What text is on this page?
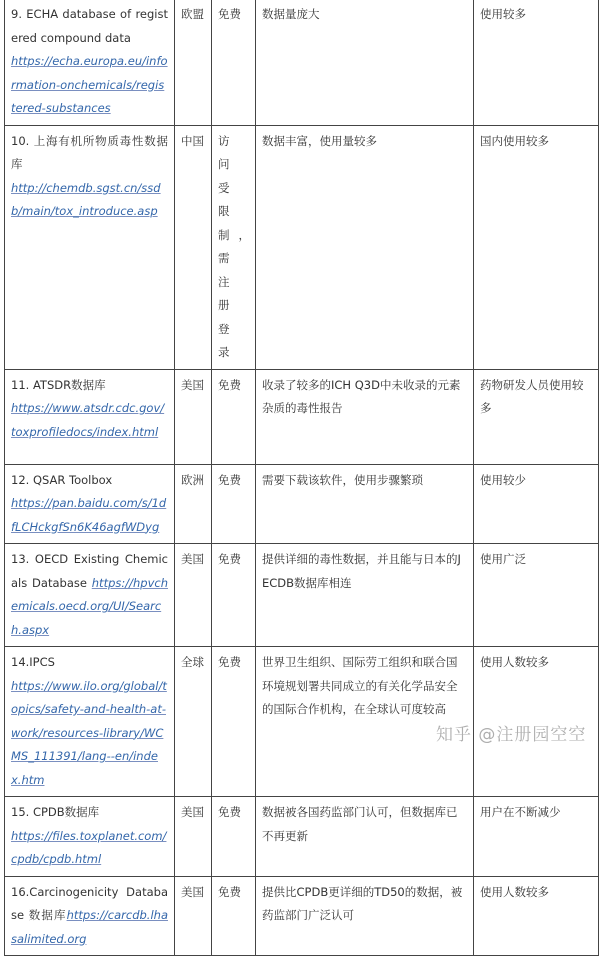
9. ECHA database of registered compound data
https://echa.europa.eu/information-onchemicals/registered-substances	欧盟	免费	数据量庞大	使用较多
10. 上海有机所物质毒性数据库
http://chemdb.sgst.cn/ssdb/main/tox_introduce.asp	中国	访问受限制，需注册登录	数据丰富，使用量较多	国内使用较多
11. ATSDR数据库
https://www.atsdr.cdc.gov/toxprofiledocs/index.html	美国	免费	收录了较多的ICH Q3D中未收录的元素杂质的毒性报告	药物研发人员使用较多
12. QSAR Toolbox
https://pan.baidu.com/s/1dfLCHckgfSn6K46agfWDyg	欧洲	免费	需要下载该软件，使用步骤繁琐	使用较少
13. OECD Existing Chemicals Database https://hpvchemicals.oecd.org/UI/Search.aspx	美国	免费	提供详细的毒性数据，并且能与日本的JECDB数据库相连	使用广泛
14.IPCS
https://www.ilo.org/global/topics/safety-and-health-at-work/resources-library/WCMS_111391/lang--en/index.htm	全球	免费	世界卫生组织、国际劳工组织和联合国环境规划署共同成立的有关化学品安全的国际合作机构，在全球认可度较高	使用人数较多
15. CPDB数据库
https://files.toxplanet.com/cpdb/cpdb.html	美国	免费	数据被各国药监部门认可，但数据库已不再更新	用户在不断减少
16.Carcinogenicity Database 数据库https://carcdb.lhasalimited.org	美国	免费	提供比CPDB更详细的TD50的数据，被药监部门广泛认可	使用人数较多
知乎 @注册园空空
